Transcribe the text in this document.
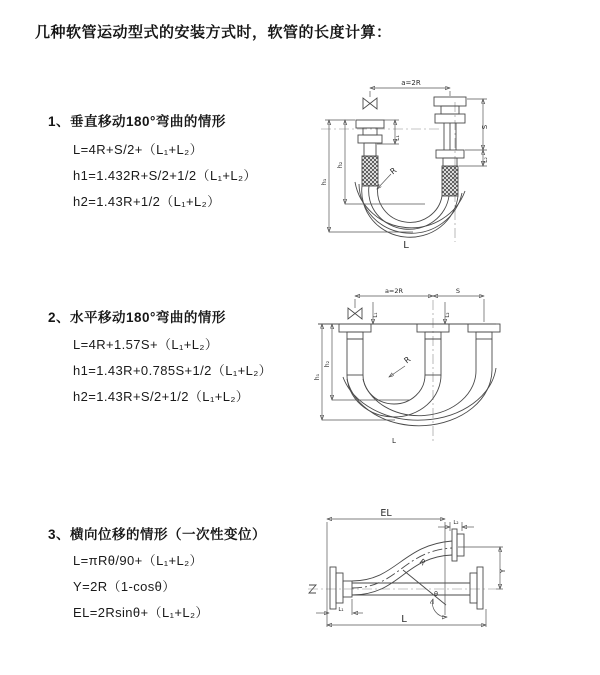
几种软管运动型式的安装方式时，软管的长度计算：
1、垂直移动180°弯曲的情形
L=4R+S/2+（L₁+L₂）
h1=1.432R+S/2+1/2（L₁+L₂）
h2=1.43R+1/2（L₁+L₂）
a=2R
L₁
S
L₂
h₂
h₁
R
L
2、水平移动180°弯曲的情形
L=4R+1.57S+（L₁+L₂）
h1=1.43R+0.785S+1/2（L₁+L₂）
h2=1.43R+S/2+1/2（L₁+L₂）
a=2R	S
L₁	L₂
h₂
h₁
R
L
3、横向位移的情形（一次性变位）
L=πRθ/90+（L₁+L₂）
Y=2R（1-cosθ）
EL=2Rsinθ+（L₁+L₂）
EL
L₂
Y
R
θ
L
L₁
